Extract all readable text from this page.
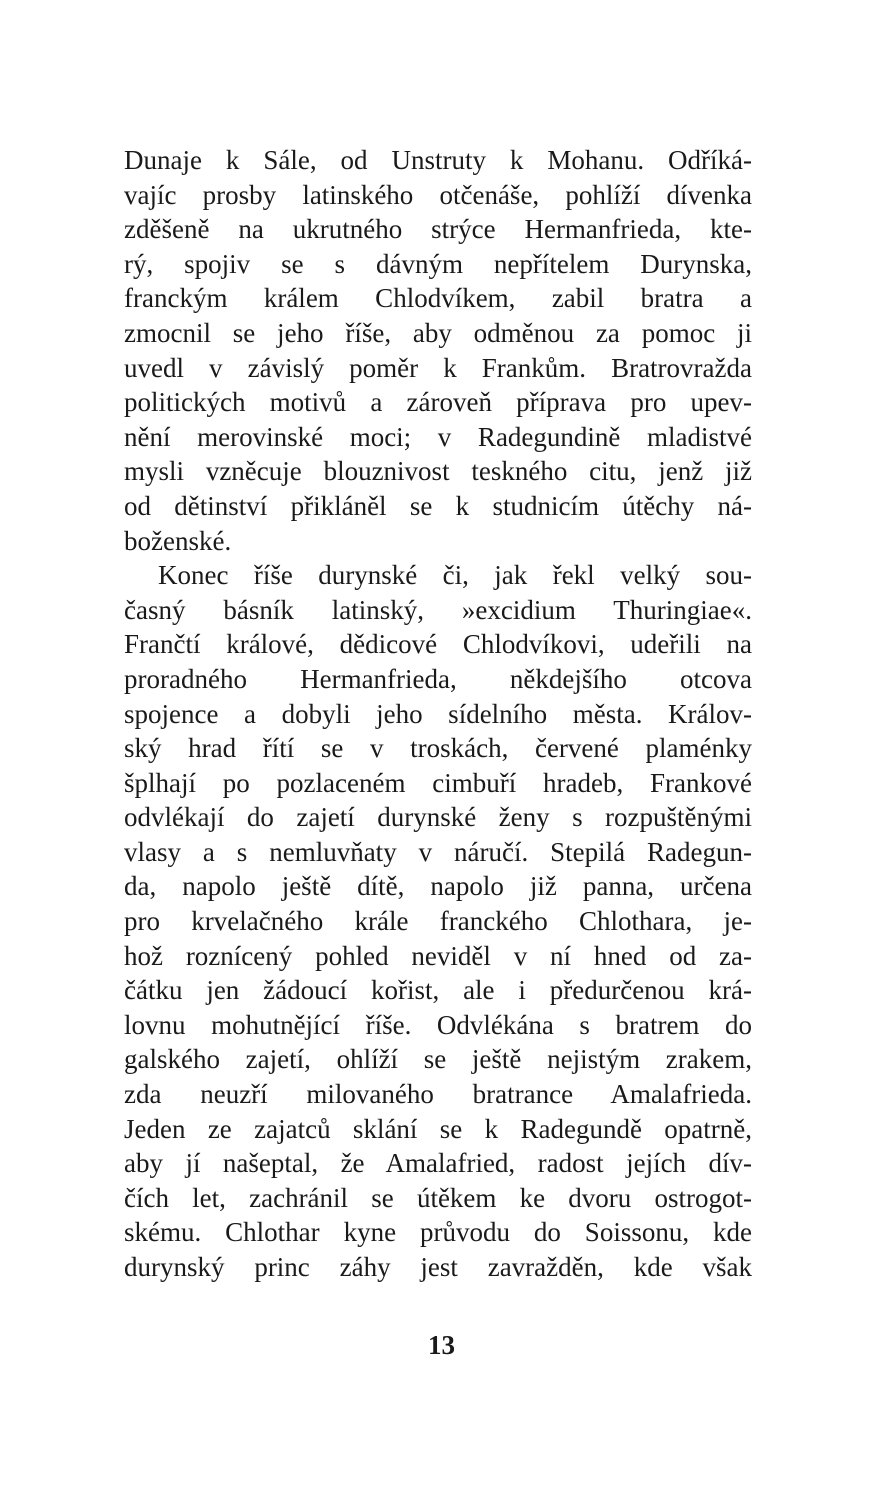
Dunaje k Sále, od Unstruty k Mohanu. Odříká-
vajíc prosby latinského otčenáše, pohlíží dívenka
zděšeně na ukrutného strýce Hermanfrieda, kte-
rý, spojiv se s dávným nepřítelem Durynska,
franckým králem Chlodvíkem, zabil bratra a
zmocnil se jeho říše, aby odměnou za pomoc ji
uvedl v závislý poměr k Frankům. Bratrovražda
politických motivů a zároveň příprava pro upev-
nění merovinské moci; v Radegundině mladistvé
mysli vzněcuje blouznivost teskného citu, jenž již
od dětinství přikláněl se k studnicím útěchy ná-
boženské.
Konec říše durynské či, jak řekl velký sou-
časný básník latinský, »excidium Thuringiae«.
Frančtí králové, dědicové Chlodvíkovi, udeřili na
proradného Hermanfrieda, někdejšího otcova
spojence a dobyli jeho sídelního města. Králov-
ský hrad řítí se v troskách, červené plaménky
šplhají po pozlaceném cimbuří hradeb, Frankové
odvlékají do zajetí durynské ženy s rozpuštěnými
vlasy a s nemluvňaty v náručí. Stepilá Radegun-
da, napolo ještě dítě, napolo již panna, určena
pro krvelačného krále franckého Chlothara, je-
hož roznícený pohled neviděl v ní hned od za-
čátku jen žádoucí kořist, ale i předurčenou krá-
lovnu mohutnějící říše. Odvlékána s bratrem do
galského zajetí, ohlíží se ještě nejistým zrakem,
zda neuzří milovaného bratrance Amalafrieda.
Jeden ze zajatců sklání se k Radegundě opatrně,
aby jí našeptal, že Amalafried, radost jejích dív-
čích let, zachránil se útěkem ke dvoru ostrogot-
skému. Chlothar kyne průvodu do Soissonu, kde
durynský princ záhy jest zavražděn, kde však
13
